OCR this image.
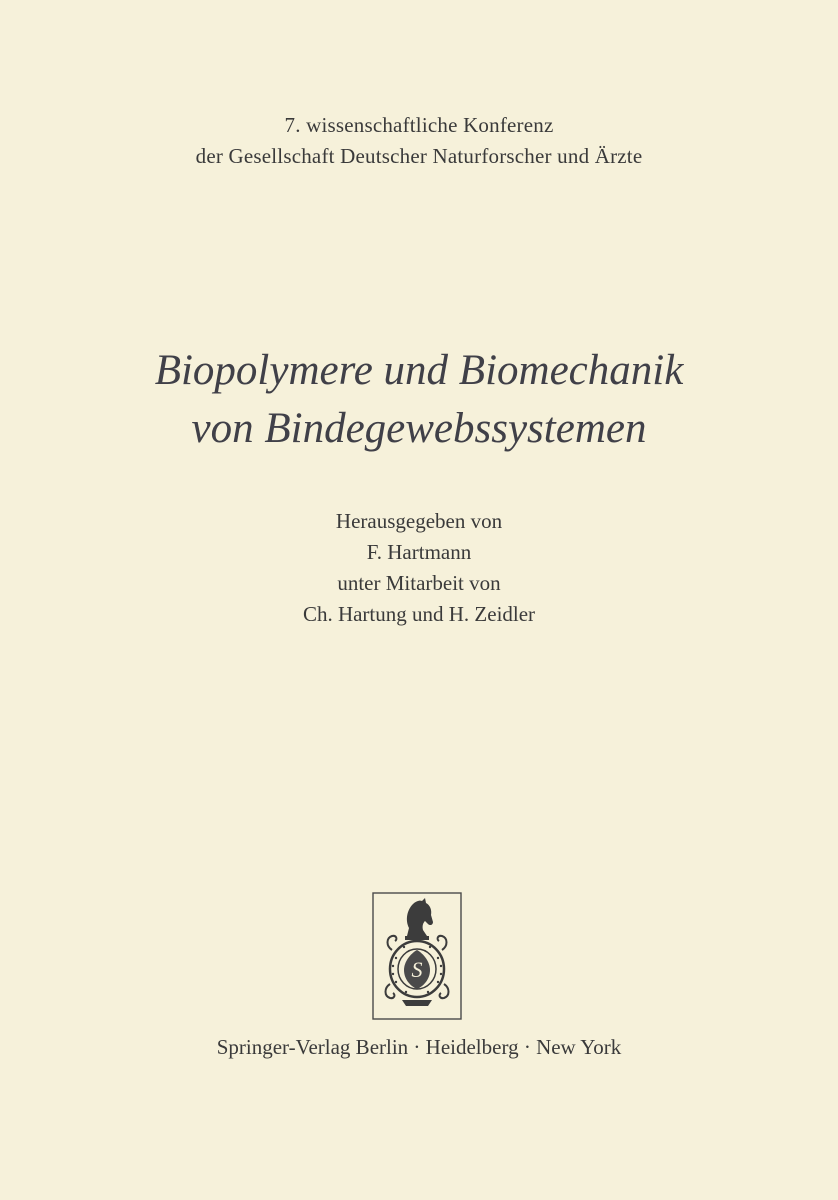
7. wissenschaftliche Konferenz
der Gesellschaft Deutscher Naturforscher und Ärzte
Biopolymere und Biomechanik
von Bindegewebssystemen
Herausgegeben von
F. Hartmann
unter Mitarbeit von
Ch. Hartung und H. Zeidler
S
Springer-Verlag Berlin · Heidelberg · New York
